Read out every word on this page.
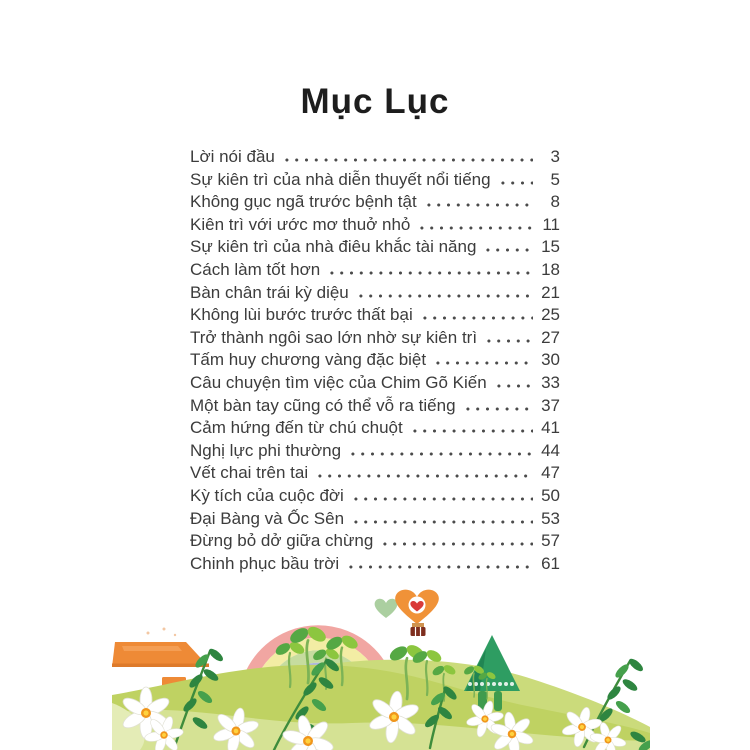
Mục Lục
Lời nói đầu	3
Sự kiên trì của nhà diễn thuyết nổi tiếng	5
Không gục ngã trước bệnh tật	8
Kiên trì với ước mơ thuở nhỏ	11
Sự kiên trì của nhà điêu khắc tài năng	15
Cách làm tốt hơn	18
Bàn chân trái kỳ diệu	21
Không lùi bước trước thất bại	25
Trở thành ngôi sao lớn nhờ sự kiên trì	27
Tấm huy chương vàng đặc biệt	30
Câu chuyện tìm việc của Chim Gõ Kiến	33
Một bàn tay cũng có thể vỗ ra tiếng	37
Cảm hứng đến từ chú chuột	41
Nghị lực phi thường	44
Vết chai trên tai	47
Kỳ tích của cuộc đời	50
Đại Bàng và Ốc Sên	53
Đừng bỏ dở giữa chừng	57
Chinh phục bầu trời	61
